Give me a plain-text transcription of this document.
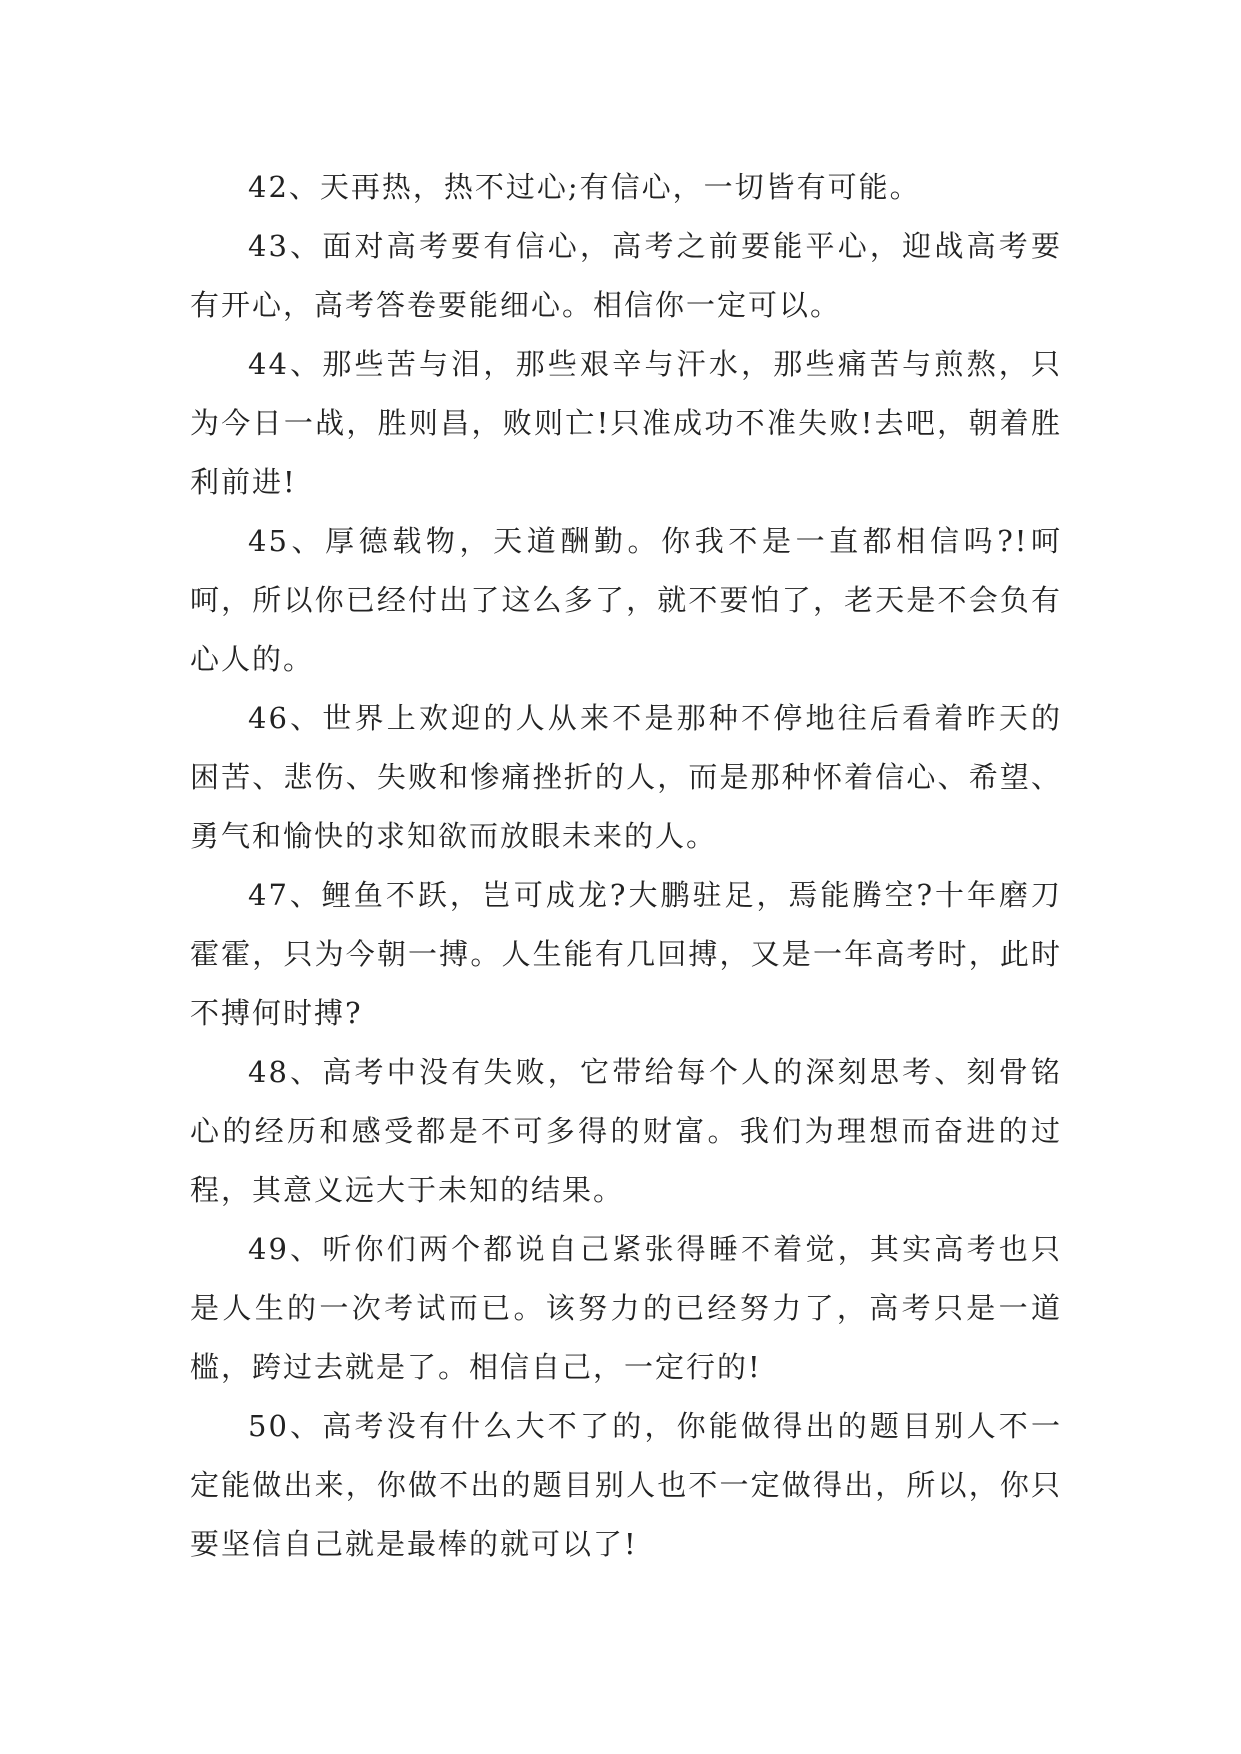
42、天再热，热不过心;有信心，一切皆有可能。

43、面对高考要有信心，高考之前要能平心，迎战高考要有开心，高考答卷要能细心。相信你一定可以。

44、那些苦与泪，那些艰辛与汗水，那些痛苦与煎熬，只为今日一战，胜则昌，败则亡!只准成功不准失败!去吧，朝着胜利前进!

45、厚德载物，天道酬勤。你我不是一直都相信吗?!呵呵，所以你已经付出了这么多了，就不要怕了，老天是不会负有心人的。

46、世界上欢迎的人从来不是那种不停地往后看着昨天的困苦、悲伤、失败和惨痛挫折的人，而是那种怀着信心、希望、勇气和愉快的求知欲而放眼未来的人。

47、鲤鱼不跃，岂可成龙?大鹏驻足，焉能腾空?十年磨刀霍霍，只为今朝一搏。人生能有几回搏，又是一年高考时，此时不搏何时搏?

48、高考中没有失败，它带给每个人的深刻思考、刻骨铭心的经历和感受都是不可多得的财富。我们为理想而奋进的过程，其意义远大于未知的结果。

49、听你们两个都说自己紧张得睡不着觉，其实高考也只是人生的一次考试而已。该努力的已经努力了，高考只是一道槛，跨过去就是了。相信自己，一定行的!

50、高考没有什么大不了的，你能做得出的题目别人不一定能做出来，你做不出的题目别人也不一定做得出，所以，你只要坚信自己就是最棒的就可以了!
